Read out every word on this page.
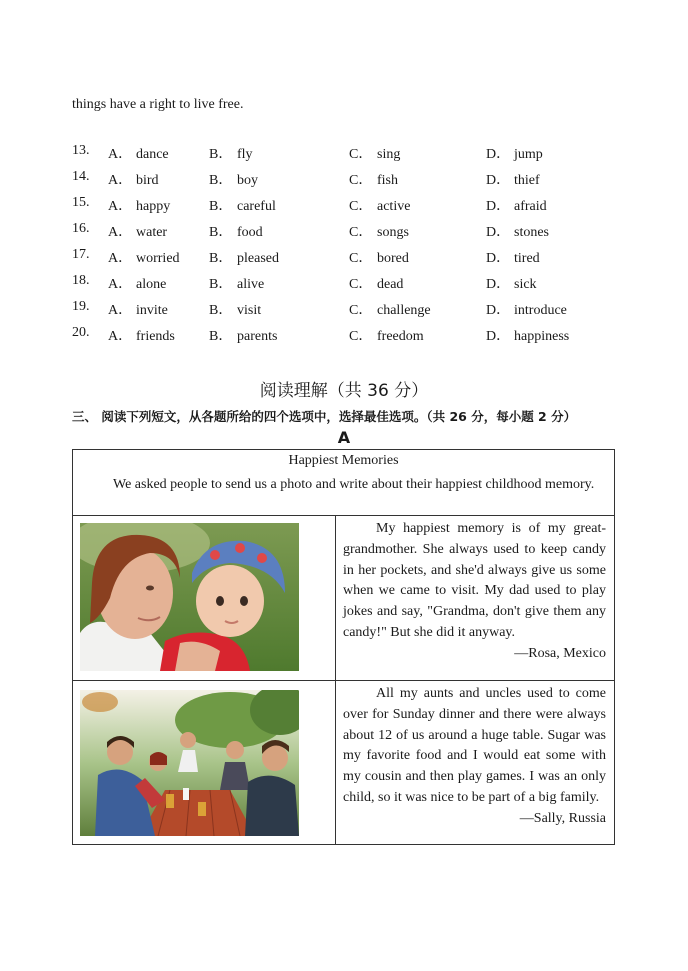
things have a right to live free.
13. A． dance	B． fly	C． sing	D． jump
14. A． bird	B． boy	C． fish	D． thief
15. A． happy	B． careful	C． active	D． afraid
16. A． water	B． food	C． songs	D． stones
17. A． worried B． pleased	C． bored	D． tired
18. A． alone	B． alive	C． dead	D． sick
19. A． invite	B． visit	C． challenge	D． introduce
20. A． friends B． parents	C． freedom	D． happiness
阅读理解（共 36 分）
三、 阅读下列短文，从各题所给的四个选项中，选择最佳选项。（共 26 分，每小题 2 分）
A
Happiest Memories
We asked people to send us a photo and write about their happiest childhood memory.

My happiest memory is of my great-grandmother. She always used to keep candy in her pockets, and she'd always give us some when we came to visit. My dad used to play jokes and say, "Grandma, don't give them any candy!" But she did it anyway.

—Rosa, Mexico

All my aunts and uncles used to come over for Sunday dinner and there were always about 12 of us around a huge table. Sugar was my favorite food and I would eat some with my cousin and then play games. I was an only child, so it was nice to be part of a big family.

—Sally, Russia
